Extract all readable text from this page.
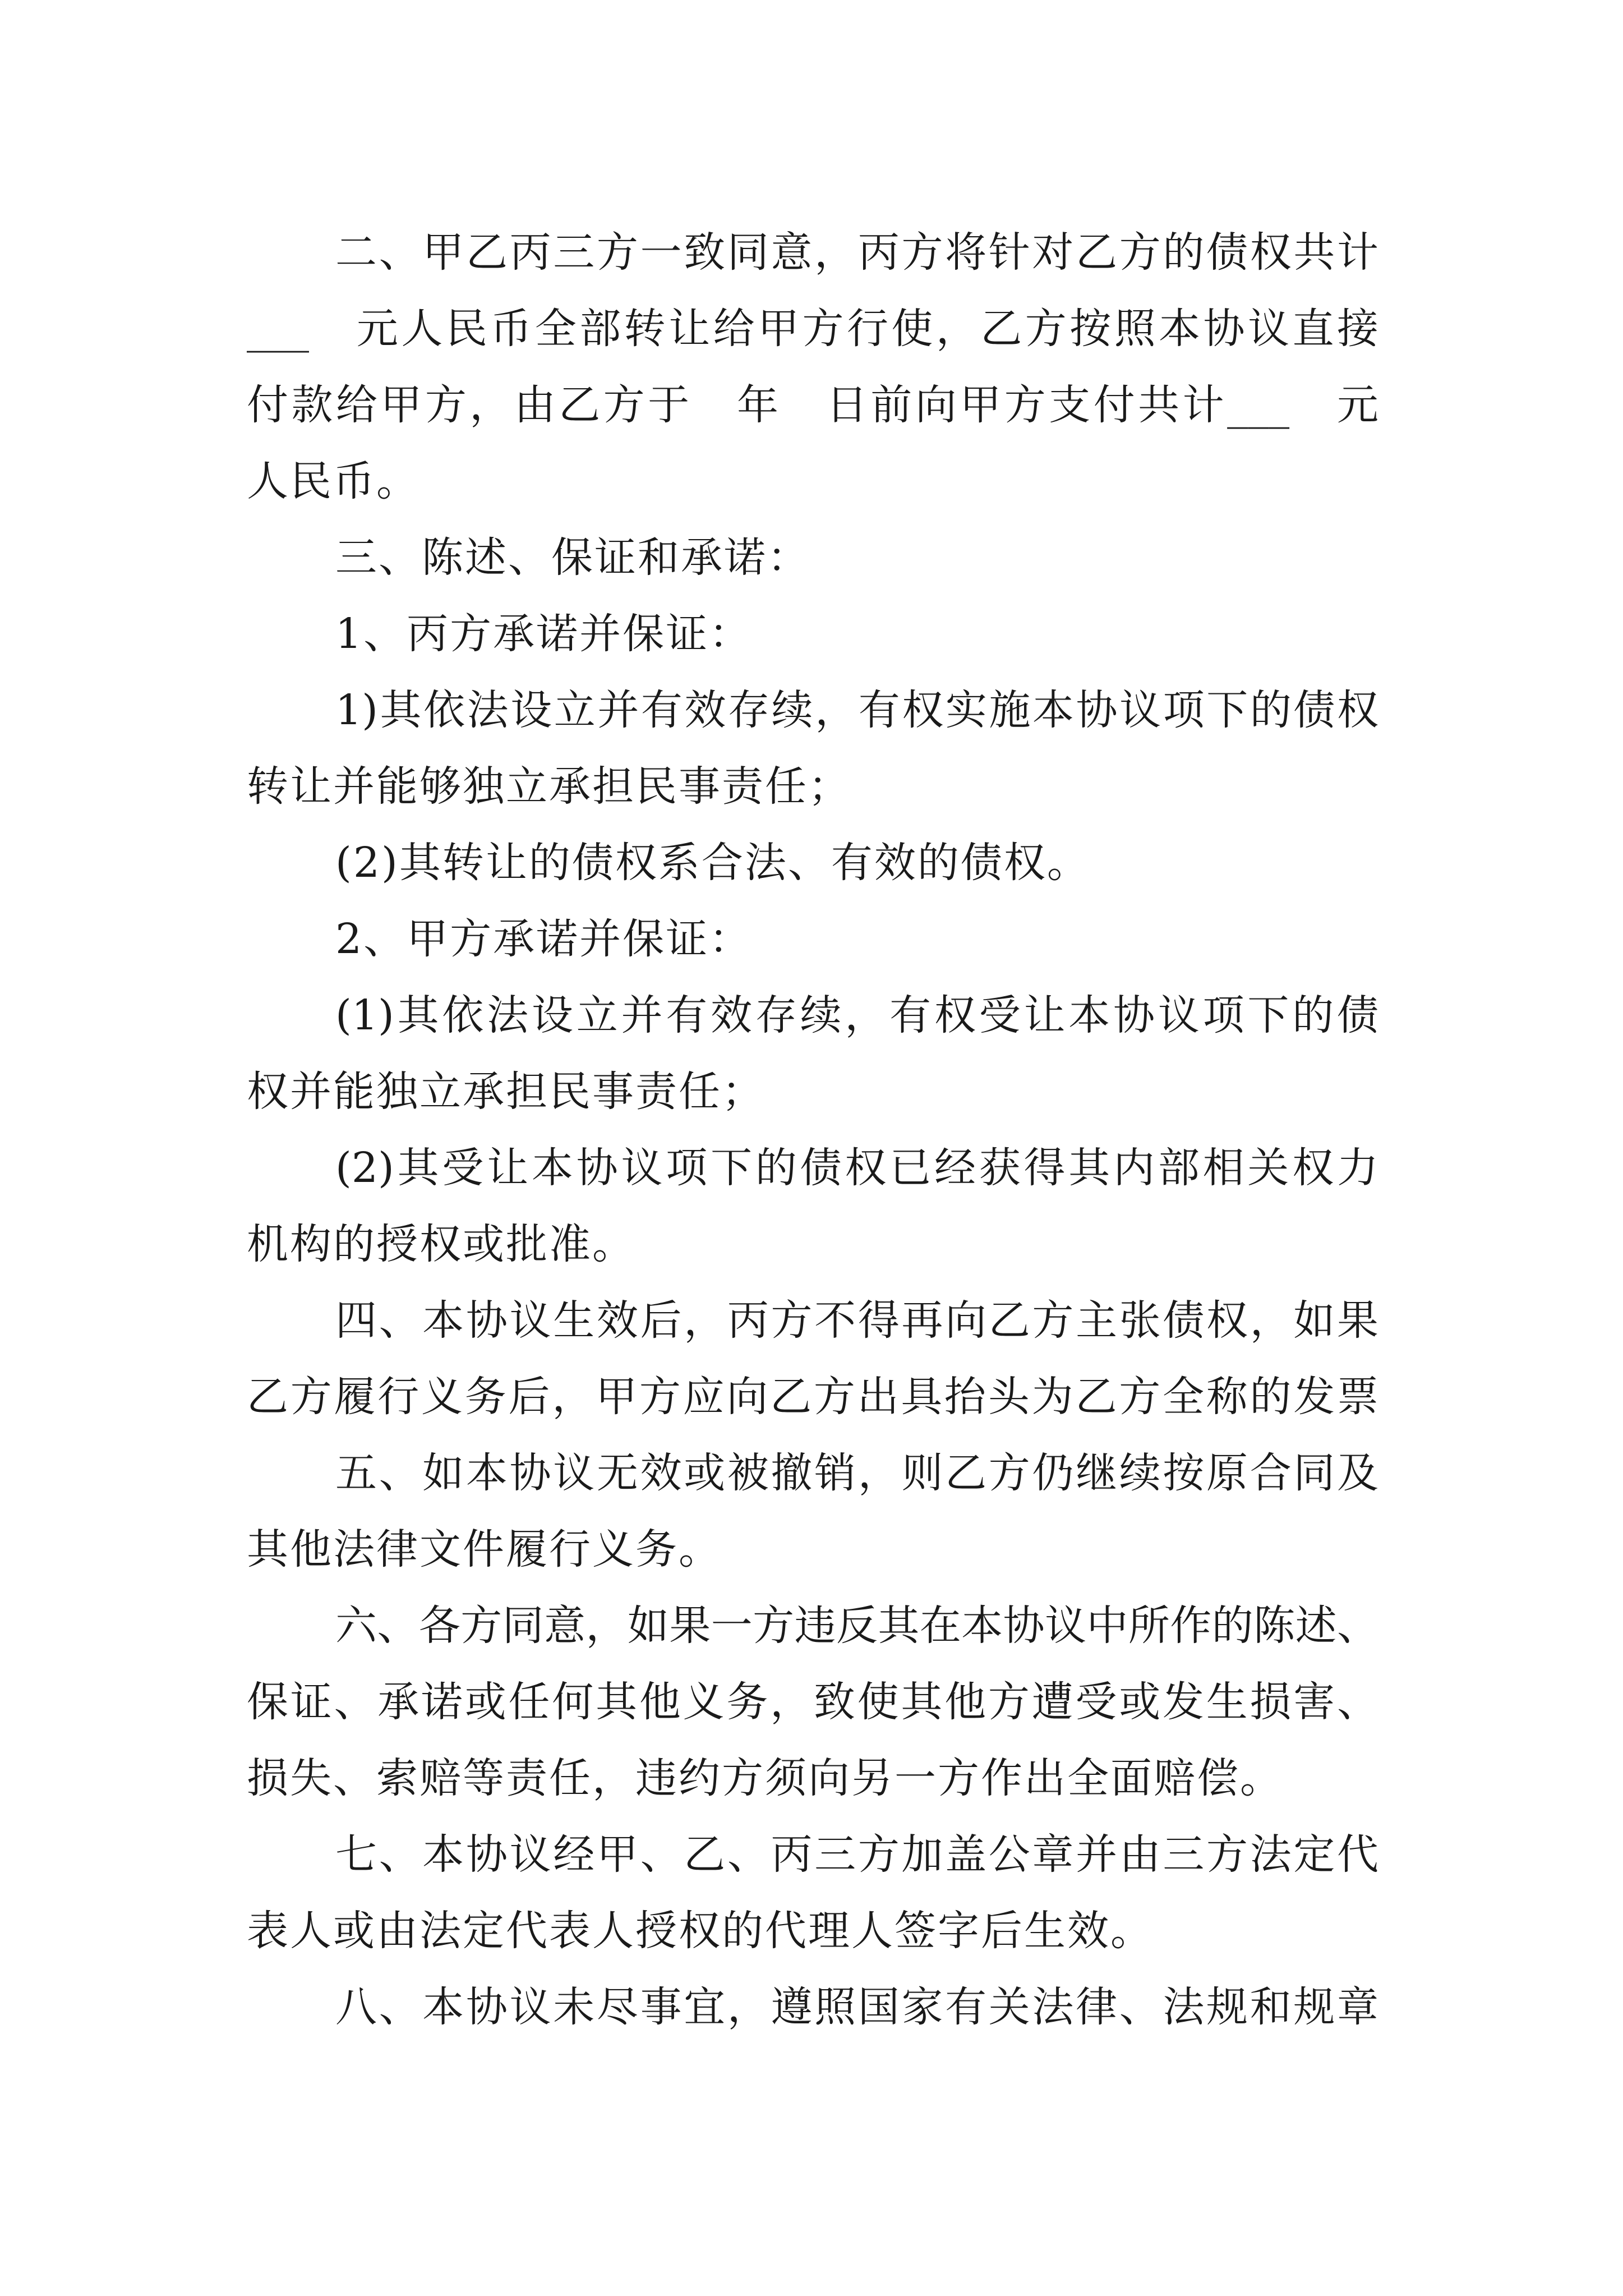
二、甲乙丙三方一致同意，丙方将针对乙方的债权共计
___　元人民币全部转让给甲方行使，乙方按照本协议直接
付款给甲方，由乙方于　年　日前向甲方支付共计___　元
人民币。
三、陈述、保证和承诺：
1、丙方承诺并保证：
1)其依法设立并有效存续，有权实施本协议项下的债权
转让并能够独立承担民事责任；
(2)其转让的债权系合法、有效的债权。
2、甲方承诺并保证：
(1)其依法设立并有效存续，有权受让本协议项下的债
权并能独立承担民事责任；
(2)其受让本协议项下的债权已经获得其内部相关权力
机构的授权或批准。
四、本协议生效后，丙方不得再向乙方主张债权，如果
乙方履行义务后，甲方应向乙方出具抬头为乙方全称的发票
五、如本协议无效或被撤销，则乙方仍继续按原合同及
其他法律文件履行义务。
六、各方同意，如果一方违反其在本协议中所作的陈述、
保证、承诺或任何其他义务，致使其他方遭受或发生损害、
损失、索赔等责任，违约方须向另一方作出全面赔偿。
七、本协议经甲、乙、丙三方加盖公章并由三方法定代
表人或由法定代表人授权的代理人签字后生效。
八、本协议未尽事宜，遵照国家有关法律、法规和规章
